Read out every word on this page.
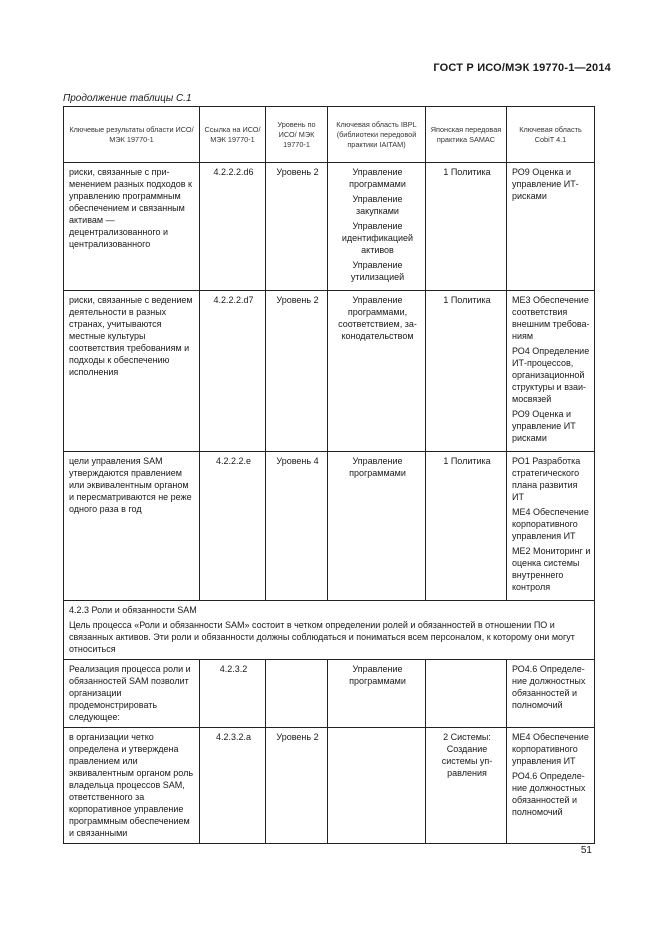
ГОСТ Р ИСО/МЭК 19770-1—2014
Продолжение таблицы С.1
Ключевые результаты области ИСО/МЭК 19770-1	Ссылка на ИСО/ МЭК 19770-1	Уровень по ИСО/ МЭК 19770-1	Ключевая область IBPL (библиотеки передовой практики IAITAM)	Японская передовая практика SAMAC	Ключевая область CobiT 4.1
риски, связанные с применением разных подходов к управлению программным обеспечением и связанным активам — децентрализованного и централизованного	4.2.2.2.d6	Уровень 2	Управление программами
Управление закупками
Управление идентификацией активов
Управление утилизацией	1 Политика	РО9 Оценка и управление ИТ-рисками

риски, связанные с ведением деятельности в разных странах, учитываются местные культуры соответствия требованиям и подходы к обеспечению исполнения	4.2.2.2.d7	Уровень 2	Управление программами, соответствием, законодательством	1 Политика	МЕ3 Обеспечение соответствия внешним требованиям
РО4 Определение ИТ-процессов, организационной структуры и взаимосвязей
РО9 Оценка и управление ИТ рисками

цели управления SAM утверждаются правлением или эквивалентным органом и пересматриваются не реже одного раза в год	4.2.2.2.e	Уровень 4	Управление программами	1 Политика	РО1 Разработка стратегического плана развития ИТ
МЕ4 Обеспечение корпоративного управления ИТ
МЕ2 Мониторинг и оценка системы внутреннего контроля

4.2.3 Роли и обязанности SAM
Цель процесса «Роли и обязанности SAM» состоит в четком определении ролей и обязанностей в отношении ПО и связанных активов. Эти роли и обязанности должны соблюдаться и пониматься всем персоналом, к которому они могут относиться					
Реализация процесса роли и обязанностей SAM позволит организации продемонстрировать следующее:	4.2.3.2		Управление программами		РО4.6 Определение должностных обязанностей и полномочий

в организации четко определена и утверждена правлением или эквивалентным органом роль владельца процессов SAM, ответственного за корпоративное управление программным обеспечением и связанными	4.2.3.2.a	Уровень 2		2 Системы: Создание системы управления	МЕ4 Обеспечение корпоративного управления ИТ
РО4.6 Определение должностных обязанностей и полномочий
51
